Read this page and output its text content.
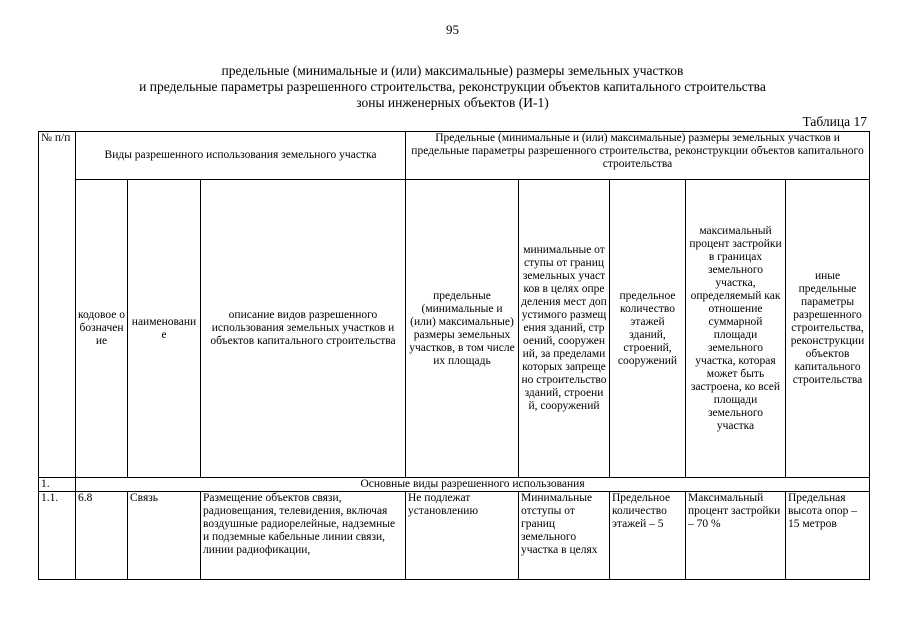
95
предельные (минимальные и (или) максимальные) размеры земельных участков
и предельные параметры разрешенного строительства, реконструкции объектов капитального строительства
зоны инженерных объектов (И-1)
Таблица 17
№ п/п	Виды разрешенного использования земельного участка			Предельные (минимальные и (или) максимальные) размеры земельных участков и предельные параметры разрешенного строительства, реконструкции объектов капитального строительства				
	кодовое обозначение	наименование	описание видов разрешенного использования земельных участков и объектов капитального строительства	предельные (минимальные и (или) максимальные) размеры земельных участков, в том числе их площадь	минимальные отступы от границ земельных участков в целях определения мест допустимого размещения зданий, строений, сооружений, за пределами которых запрещено строительство зданий, строений, сооружений	предельное количество этажей зданий, строений, сооружений	максимальный процент застройки в границах земельного участка, определяемый как отношение суммарной площади земельного участка, которая может быть застроена, ко всей площади земельного участка	иные предельные параметры разрешенного строительства, реконструкции объектов капитального строительства
1.	Основные виды разрешенного использования							
1.1.	6.8	Связь	Размещение объектов связи, радиовещания, телевидения, включая воздушные радиорелейные, надземные и подземные кабельные линии связи, линии радиофикации,	Не подлежат установлению	Минимальные отступы от границ земельного участка в целях	Предельное количество этажей – 5	Максимальный процент застройки – 70 %	Предельная высота опор – 15 метров
